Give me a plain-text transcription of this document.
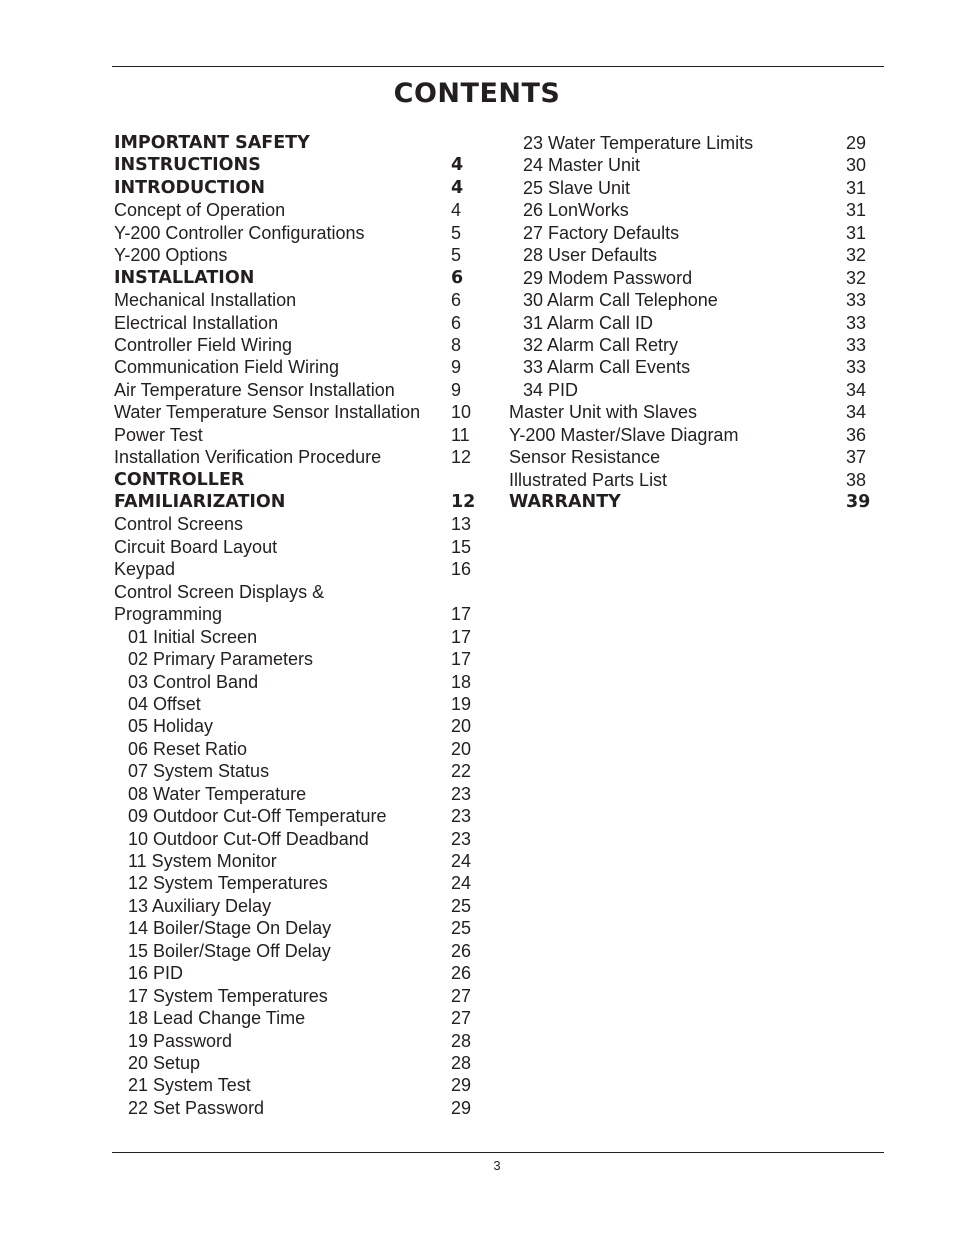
CONTENTS
IMPORTANT SAFETY
INSTRUCTIONS	4
INTRODUCTION	4
Concept of Operation	4
Y-200 Controller Configurations	5
Y-200 Options	5
INSTALLATION	6
Mechanical Installation	6
Electrical Installation	6
Controller Field Wiring	8
Communication Field Wiring	9
Air Temperature Sensor Installation	9
Water Temperature Sensor Installation 10
Power Test	11
Installation Verification Procedure	12
CONTROLLER
FAMILIARIZATION	12
Control Screens	13
Circuit Board Layout	15
Keypad	16
Control Screen Displays &
Programming	17
01 Initial Screen	17
02 Primary Parameters	17
03 Control Band	18
04 Offset	19
05 Holiday	20
06 Reset Ratio	20
07 System Status	22
08 Water Temperature	23
09 Outdoor Cut-Off Temperature	23
10 Outdoor Cut-Off Deadband	23
11 System Monitor	24
12 System Temperatures	24
13 Auxiliary Delay	25
14 Boiler/Stage On Delay	25
15 Boiler/Stage Off Delay	26
16 PID	26
17 System Temperatures	27
18 Lead Change Time	27
19 Password	28
20 Setup	28
21 System Test	29
22 Set Password	29
23 Water Temperature Limits	29
24 Master Unit	30
25 Slave Unit	31
26 LonWorks	31
27 Factory Defaults	31
28 User Defaults	32
29 Modem Password	32
30 Alarm Call Telephone	33
31 Alarm Call ID	33
32 Alarm Call Retry	33
33 Alarm Call Events	33
34 PID	34
Master Unit with Slaves	34
Y-200 Master/Slave Diagram	36
Sensor Resistance	37
Illustrated Parts List	38
WARRANTY	39
3
